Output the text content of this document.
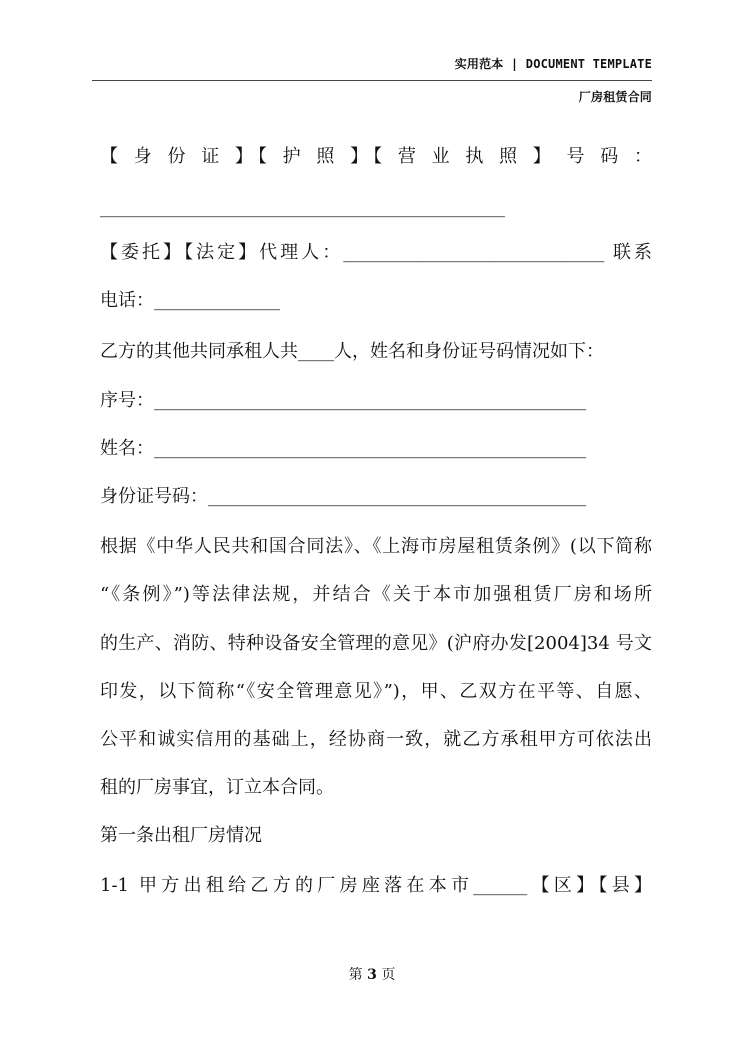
实用范本 | DOCUMENT TEMPLATE
厂房租赁合同
【 身 份 证 】【 护 照 】【 营 业 执 照 】 号 码 ：
_____________________________________________
【委托】【法定】代理人：_____________________________ 联系
电话：______________
乙方的其他共同承租人共____人，姓名和身份证号码情况如下：
序号：________________________________________________
姓名：________________________________________________
身份证号码：__________________________________________
根据《中华人民共和国合同法》、《上海市房屋租赁条例》(以下简称
“《条例》”)等法律法规，并结合《关于本市加强租赁厂房和场所
的生产、消防、特种设备安全管理的意见》(沪府办发[2004]34 号文
印发，以下简称“《安全管理意见》”)，甲、乙双方在平等、自愿、
公平和诚实信用的基础上，经协商一致，就乙方承租甲方可依法出
租的厂房事宜，订立本合同。
第一条出租厂房情况
1-1 甲方出租给乙方的厂房座落在本市______【区】【县】
第 3 页
